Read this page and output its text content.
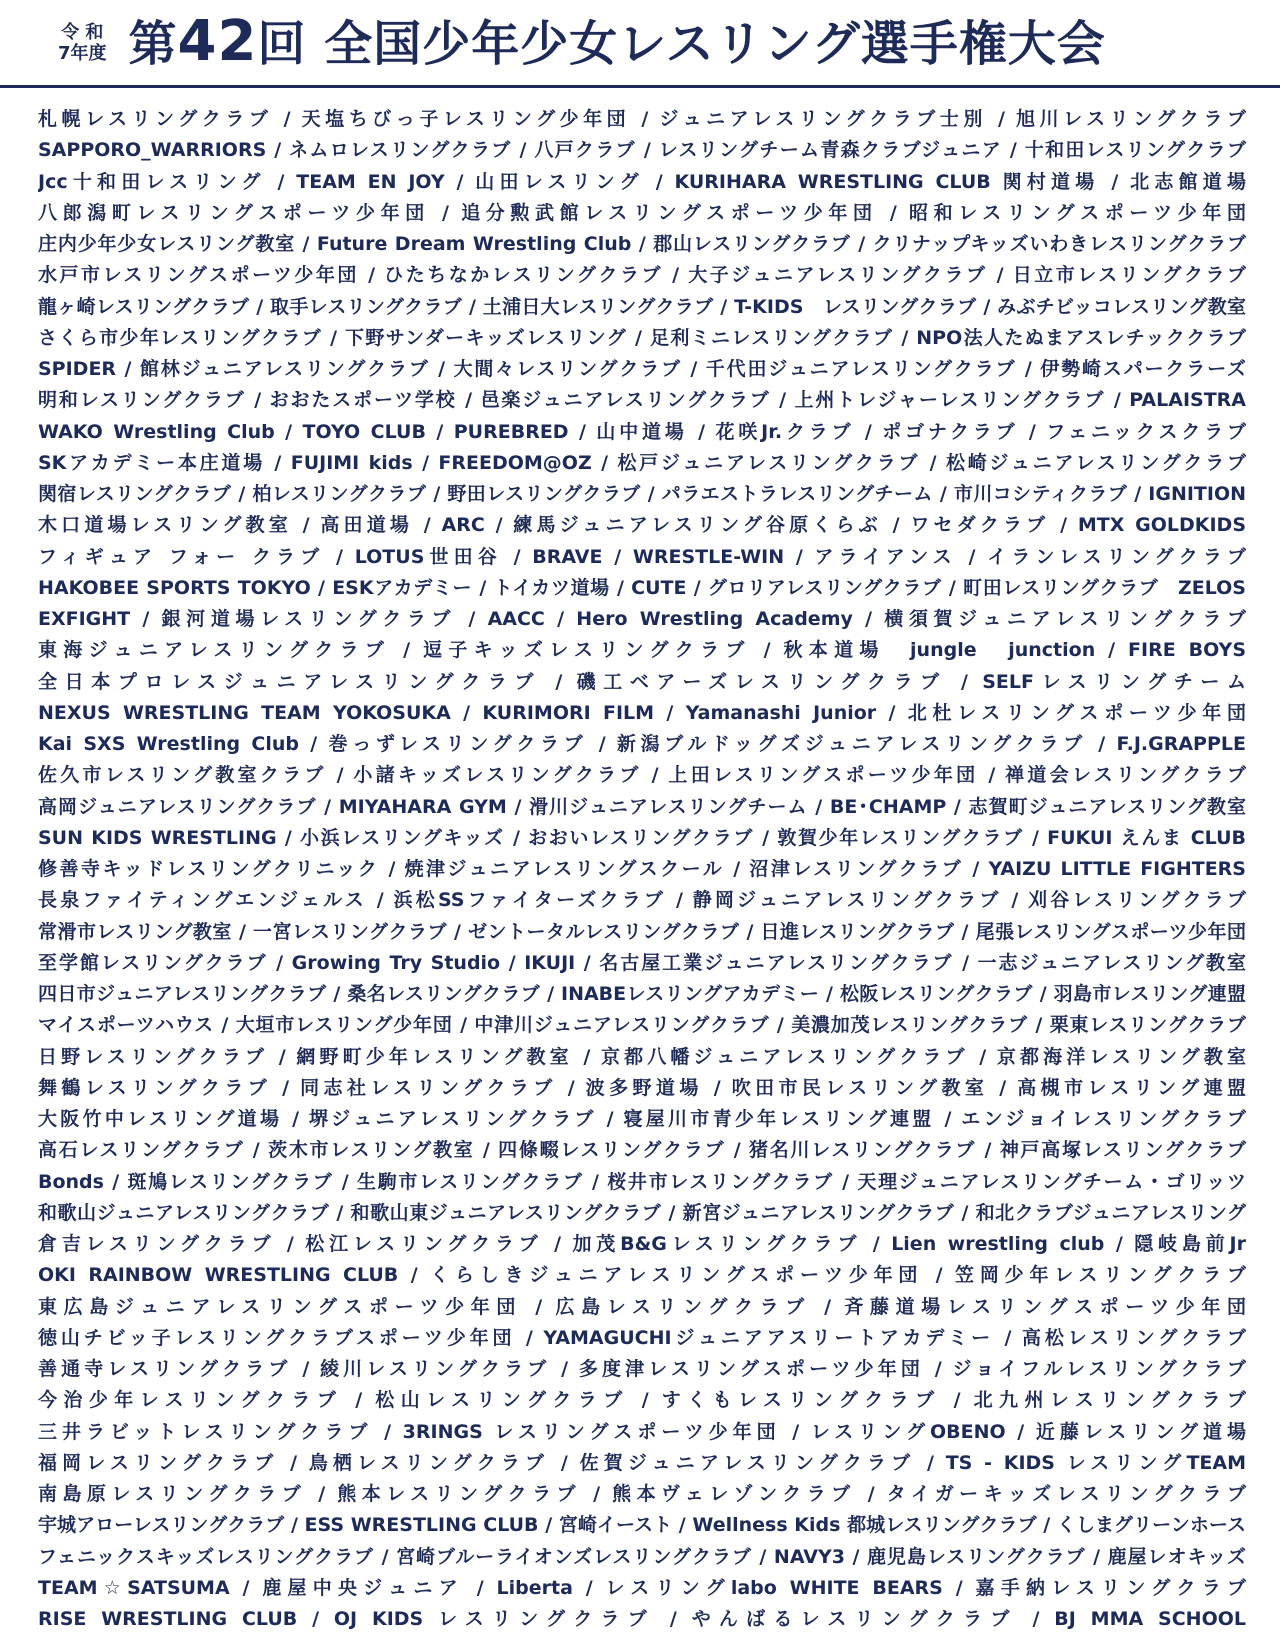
令 和
7年度 第42回 全国少年少女レスリング選手権大会
札幌レスリングクラブ / 天塩ちびっ子レスリング少年団 / ジュニアレスリングクラブ士別 / 旭川レスリングクラブ
SAPPORO_WARRIORS / ネムロレスリングクラブ / 八戸クラブ / レスリングチーム青森クラブジュニア / 十和田レスリングクラブ
Jcc十和田レスリング / TEAM EN JOY / 山田レスリング / KURIHARA WRESTLING CLUB 関村道場 / 北志館道場
八郎潟町レスリングスポーツ少年団 / 追分勲武館レスリングスポーツ少年団 / 昭和レスリングスポーツ少年団
庄内少年少女レスリング教室 / Future Dream Wrestling Club / 郡山レスリングクラブ / クリナップキッズいわきレスリングクラブ
水戸市レスリングスポーツ少年団 / ひたちなかレスリングクラブ / 大子ジュニアレスリングクラブ / 日立市レスリングクラブ
龍ヶ崎レスリングクラブ / 取手レスリングクラブ / 土浦日大レスリングクラブ / T-KIDS　レスリングクラブ / みぶチビッコレスリング教室
さくら市少年レスリングクラブ / 下野サンダーキッズレスリング / 足利ミニレスリングクラブ / NPO法人たぬまアスレチッククラブ
SPIDER / 館林ジュニアレスリングクラブ / 大間々レスリングクラブ / 千代田ジュニアレスリングクラブ / 伊勢崎スパークラーズ
明和レスリングクラブ / おおたスポーツ学校 / 邑楽ジュニアレスリングクラブ / 上州トレジャーレスリングクラブ / PALAISTRA
WAKO Wrestling Club / TOYO CLUB / PUREBRED / 山中道場 / 花咲Jr.クラブ / ポゴナクラブ / フェニックスクラブ
SKアカデミー本庄道場 / FUJIMI kids / FREEDOM@OZ / 松戸ジュニアレスリングクラブ / 松崎ジュニアレスリングクラブ
関宿レスリングクラブ / 柏レスリングクラブ / 野田レスリングクラブ / パラエストラレスリングチーム / 市川コシティクラブ / IGNITION
木口道場レスリング教室 / 高田道場 / ARC / 練馬ジュニアレスリング谷原くらぶ / ワセダクラブ / MTX GOLDKIDS
フィギュア フォー クラブ / LOTUS世田谷 / BRAVE / WRESTLE-WIN / アライアンス / イランレスリングクラブ
HAKOBEE SPORTS TOKYO / ESKアカデミー / トイカツ道場 / CUTE / グロリアレスリングクラブ / 町田レスリングクラブ　ZELOS
EXFIGHT / 銀河道場レスリングクラブ / AACC / Hero Wrestling Academy / 横須賀ジュニアレスリングクラブ
東海ジュニアレスリングクラブ / 逗子キッズレスリングクラブ / 秋本道場　jungle　junction / FIRE BOYS
全日本プロレスジュニアレスリングクラブ / 磯工ベアーズレスリングクラブ / SELFレスリングチーム
NEXUS WRESTLING TEAM YOKOSUKA / KURIMORI FILM / Yamanashi Junior / 北杜レスリングスポーツ少年団
Kai SXS Wrestling Club / 巻っずレスリングクラブ / 新潟ブルドッグズジュニアレスリングクラブ / F.J.GRAPPLE
佐久市レスリング教室クラブ / 小諸キッズレスリングクラブ / 上田レスリングスポーツ少年団 / 禅道会レスリングクラブ
高岡ジュニアレスリングクラブ / MIYAHARA GYM / 滑川ジュニアレスリングチーム / BE･CHAMP / 志賀町ジュニアレスリング教室
SUN KIDS WRESTLING / 小浜レスリングキッズ / おおいレスリングクラブ / 敦賀少年レスリングクラブ / FUKUI えんま CLUB
修善寺キッドレスリングクリニック / 焼津ジュニアレスリングスクール / 沼津レスリングクラブ / YAIZU LITTLE FIGHTERS
長泉ファイティングエンジェルス / 浜松SSファイターズクラブ / 静岡ジュニアレスリングクラブ / 刈谷レスリングクラブ
常滑市レスリング教室 / 一宮レスリングクラブ / ゼントータルレスリングクラブ / 日進レスリングクラブ / 尾張レスリングスポーツ少年団
至学館レスリングクラブ / Growing Try Studio / IKUJI / 名古屋工業ジュニアレスリングクラブ / 一志ジュニアレスリング教室
四日市ジュニアレスリングクラブ / 桑名レスリングクラブ / INABEレスリングアカデミー / 松阪レスリングクラブ / 羽島市レスリング連盟
マイスポーツハウス / 大垣市レスリング少年団 / 中津川ジュニアレスリングクラブ / 美濃加茂レスリングクラブ / 栗東レスリングクラブ
日野レスリングクラブ / 網野町少年レスリング教室 / 京都八幡ジュニアレスリングクラブ / 京都海洋レスリング教室
舞鶴レスリングクラブ / 同志社レスリングクラブ / 波多野道場 / 吹田市民レスリング教室 / 高槻市レスリング連盟
大阪竹中レスリング道場 / 堺ジュニアレスリングクラブ / 寝屋川市青少年レスリング連盟 / エンジョイレスリングクラブ
高石レスリングクラブ / 茨木市レスリング教室 / 四條畷レスリングクラブ / 猪名川レスリングクラブ / 神戸高塚レスリングクラブ
Bonds / 斑鳩レスリングクラブ / 生駒市レスリングクラブ / 桜井市レスリングクラブ / 天理ジュニアレスリングチーム・ゴリッツ
和歌山ジュニアレスリングクラブ / 和歌山東ジュニアレスリングクラブ / 新宮ジュニアレスリングクラブ / 和北クラブジュニアレスリング
倉吉レスリングクラブ / 松江レスリングクラブ / 加茂B&Gレスリングクラブ / Lien wrestling club / 隠岐島前Jr
OKI RAINBOW WRESTLING CLUB / くらしきジュニアレスリングスポーツ少年団 / 笠岡少年レスリングクラブ
東広島ジュニアレスリングスポーツ少年団 / 広島レスリングクラブ / 斉藤道場レスリングスポーツ少年団
徳山チビッ子レスリングクラブスポーツ少年団 / YAMAGUCHIジュニアアスリートアカデミー / 高松レスリングクラブ
善通寺レスリングクラブ / 綾川レスリングクラブ / 多度津レスリングスポーツ少年団 / ジョイフルレスリングクラブ
今治少年レスリングクラブ / 松山レスリングクラブ / すくもレスリングクラブ / 北九州レスリングクラブ
三井ラビットレスリングクラブ / 3RINGS レスリングスポーツ少年団 / レスリングOBENO / 近藤レスリング道場
福岡レスリングクラブ / 鳥栖レスリングクラブ / 佐賀ジュニアレスリングクラブ / TS - KIDS レスリングTEAM
南島原レスリングクラブ / 熊本レスリングクラブ / 熊本ヴェレゾンクラブ / タイガーキッズレスリングクラブ
宇城アローレスリングクラブ / ESS WRESTLING CLUB / 宮崎イースト / Wellness Kids 都城レスリングクラブ / くしまグリーンホース
フェニックスキッズレスリングクラブ / 宮崎ブルーライオンズレスリングクラブ / NAVY3 / 鹿児島レスリングクラブ / 鹿屋レオキッズ
TEAM☆SATSUMA / 鹿屋中央ジュニア / Liberta / レスリングlabo WHITE BEARS / 嘉手納レスリングクラブ
RISE WRESTLING CLUB / OJ KIDS レスリングクラブ / やんばるレスリングクラブ / BJ MMA SCHOOL
